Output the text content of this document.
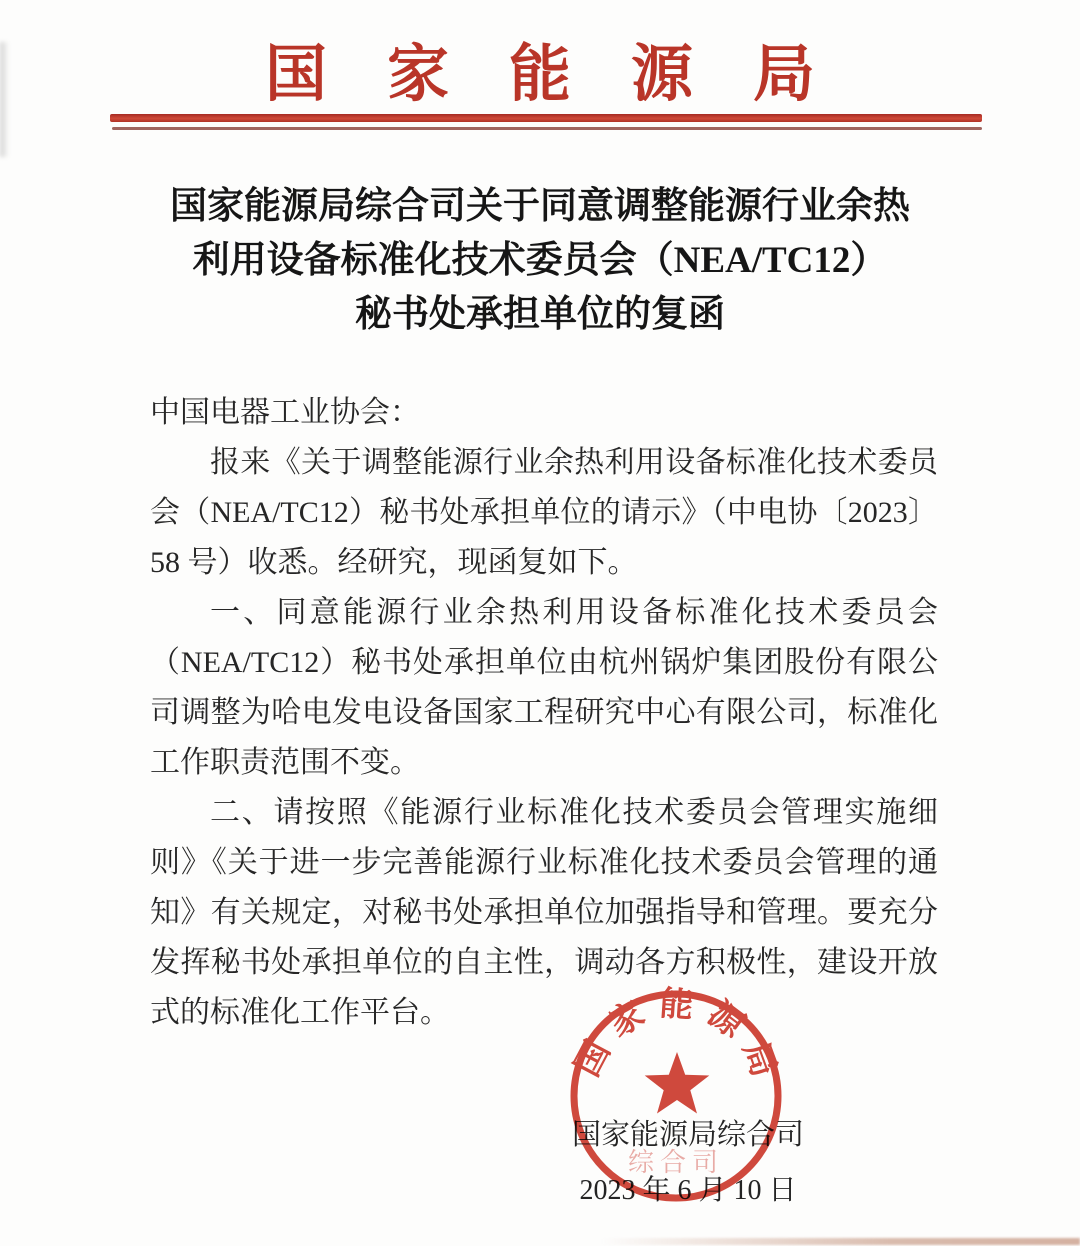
国家能源局
国家能源局综合司关于同意调整能源行业余热
利用设备标准化技术委员会（NEA/TC12）
秘书处承担单位的复函

中国电器工业协会：

报来《关于调整能源行业余热利用设备标准化技术委员会（NEA/TC12）秘书处承担单位的请示》（中电协〔2023〕58 号）收悉。经研究，现函复如下。

一、同意能源行业余热利用设备标准化技术委员会（NEA/TC12）秘书处承担单位由杭州锅炉集团股份有限公司调整为哈电发电设备国家工程研究中心有限公司，标准化工作职责范围不变。

二、请按照《能源行业标准化技术委员会管理实施细则》《关于进一步完善能源行业标准化技术委员会管理的通知》有关规定，对秘书处承担单位加强指导和管理。要充分发挥秘书处承担单位的自主性，调动各方积极性，建设开放式的标准化工作平台。

国家能源局综合司
2023 年 6 月 10 日
国家能源局
综合司
